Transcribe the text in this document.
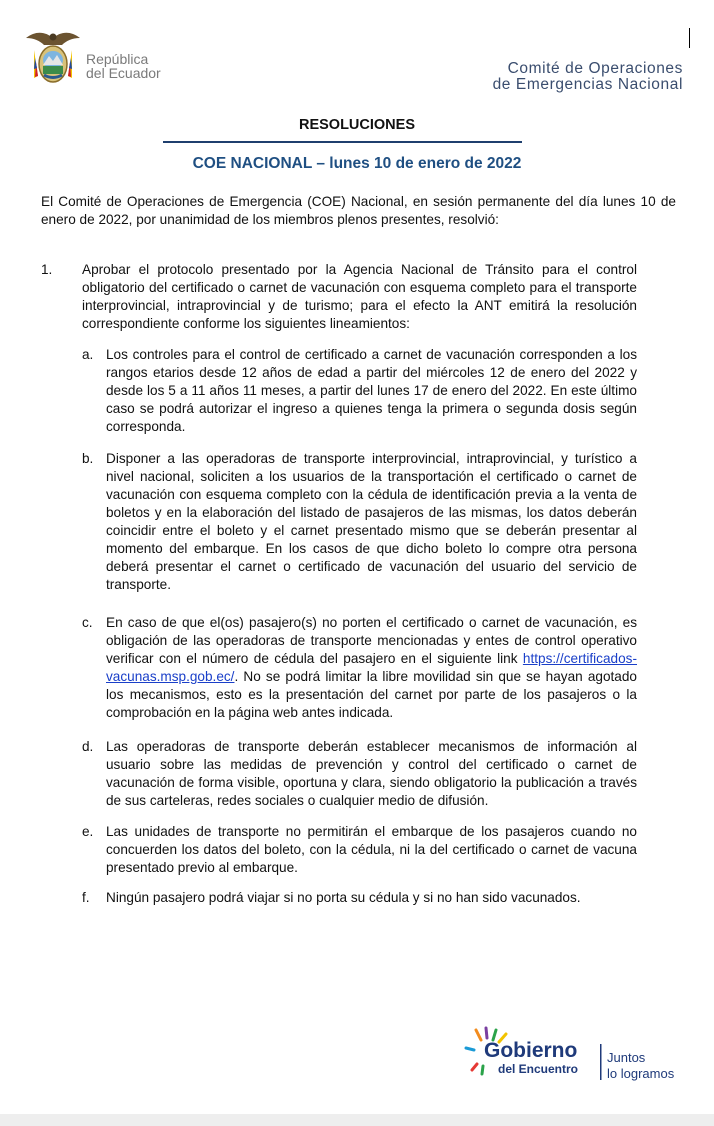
República
del Ecuador	Comité de Operaciones
de Emergencias Nacional
RESOLUCIONES
COE NACIONAL – lunes 10 de enero de 2022
El Comité de Operaciones de Emergencia (COE) Nacional, en sesión permanente del día lunes 10 de enero de 2022, por unanimidad de los miembros plenos presentes, resolvió:
1. Aprobar el protocolo presentado por la Agencia Nacional de Tránsito para el control obligatorio del certificado o carnet de vacunación con esquema completo para el transporte interprovincial, intraprovincial y de turismo; para el efecto la ANT emitirá la resolución correspondiente conforme los siguientes lineamientos:
a. Los controles para el control de certificado a carnet de vacunación corresponden a los rangos etarios desde 12 años de edad a partir del miércoles 12 de enero del 2022 y desde los 5 a 11 años 11 meses, a partir del lunes 17 de enero del 2022. En este último caso se podrá autorizar el ingreso a quienes tenga la primera o segunda dosis según corresponda.
b. Disponer a las operadoras de transporte interprovincial, intraprovincial, y turístico a nivel nacional, soliciten a los usuarios de la transportación el certificado o carnet de vacunación con esquema completo con la cédula de identificación previa a la venta de boletos y en la elaboración del listado de pasajeros de las mismas, los datos deberán coincidir entre el boleto y el carnet presentado mismo que se deberán presentar al momento del embarque. En los casos de que dicho boleto lo compre otra persona deberá presentar el carnet o certificado de vacunación del usuario del servicio de transporte.
c. En caso de que el(os) pasajero(s) no porten el certificado o carnet de vacunación, es obligación de las operadoras de transporte mencionadas y entes de control operativo verificar con el número de cédula del pasajero en el siguiente link https://certificados- vacunas.msp.gob.ec/. No se podrá limitar la libre movilidad sin que se hayan agotado los mecanismos, esto es la presentación del carnet por parte de los pasajeros o la comprobación en la página web antes indicada.
d. Las operadoras de transporte deberán establecer mecanismos de información al usuario sobre las medidas de prevención y control del certificado o carnet de vacunación de forma visible, oportuna y clara, siendo obligatorio la publicación a través de sus carteleras, redes sociales o cualquier medio de difusión.
e. Las unidades de transporte no permitirán el embarque de los pasajeros cuando no concuerden los datos del boleto, con la cédula, ni la del certificado o carnet de vacuna presentado previo al embarque.
f. Ningún pasajero podrá viajar si no porta su cédula y si no han sido vacunados.
Gobierno
del Encuentro
Juntos
lo logramos
